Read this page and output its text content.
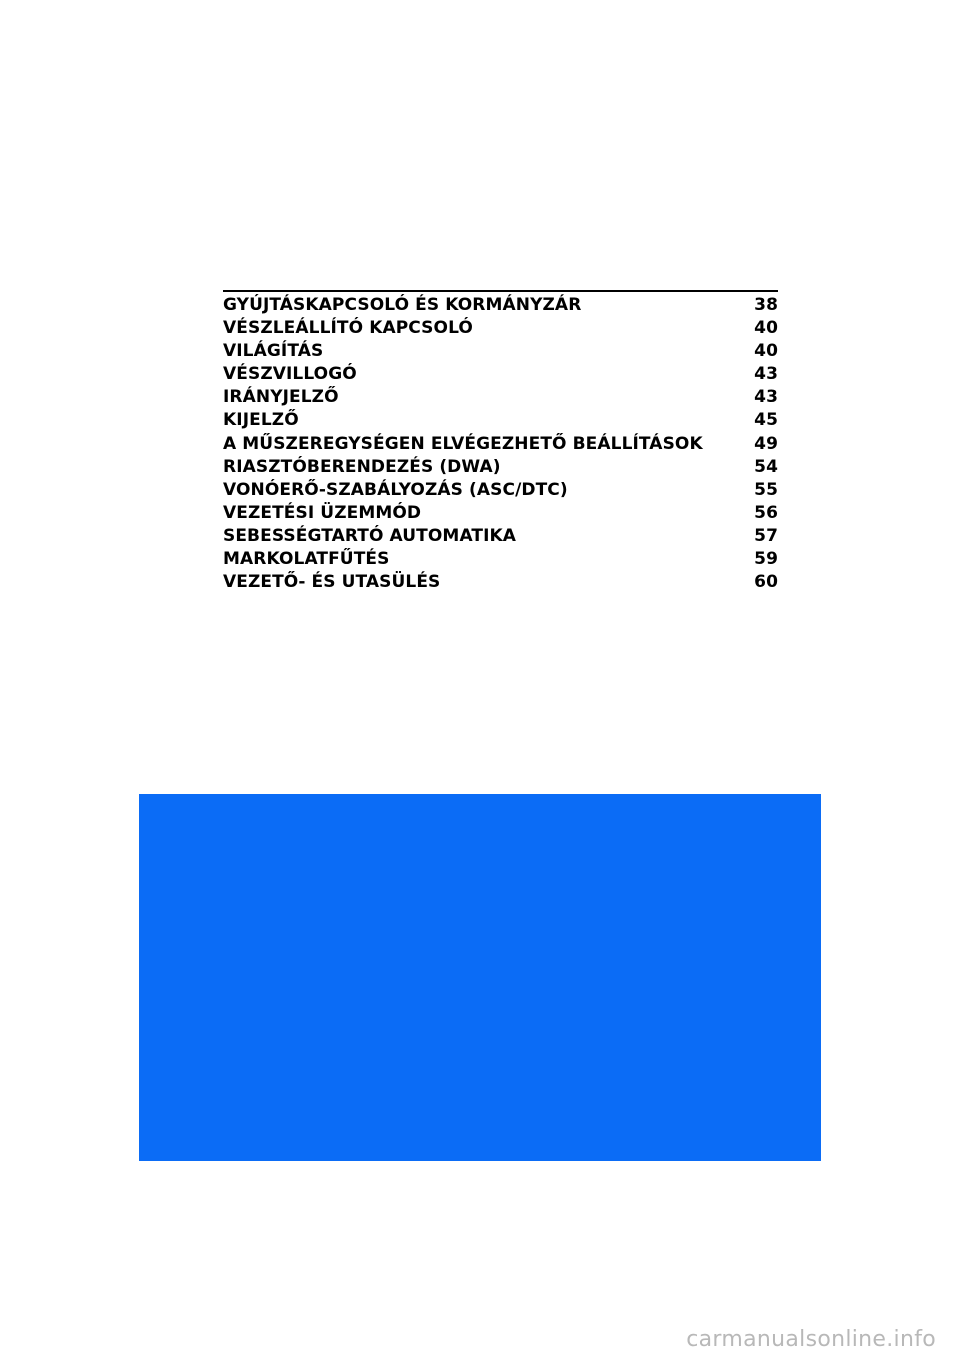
GYÚJTÁSKAPCSOLÓ ÉS KORMÁNYZÁR	38
VÉSZLEÁLLÍTÓ KAPCSOLÓ	40
VILÁGÍTÁS	40
VÉSZVILLOGÓ	43
IRÁNYJELZŐ	43
KIJELZŐ	45
A MŰSZEREGYSÉGEN ELVÉGEZHETŐ BEÁLLÍTÁSOK	49
RIASZTÓBERENDEZÉS (DWA)	54
VONÓERŐ-SZABÁLYOZÁS (ASC/DTC)	55
VEZETÉSI ÜZEMMÓD	56
SEBESSÉGTARTÓ AUTOMATIKA	57
MARKOLATFŰTÉS	59
VEZETŐ- ÉS UTASÜLÉS	60
carmanualsonline.info
